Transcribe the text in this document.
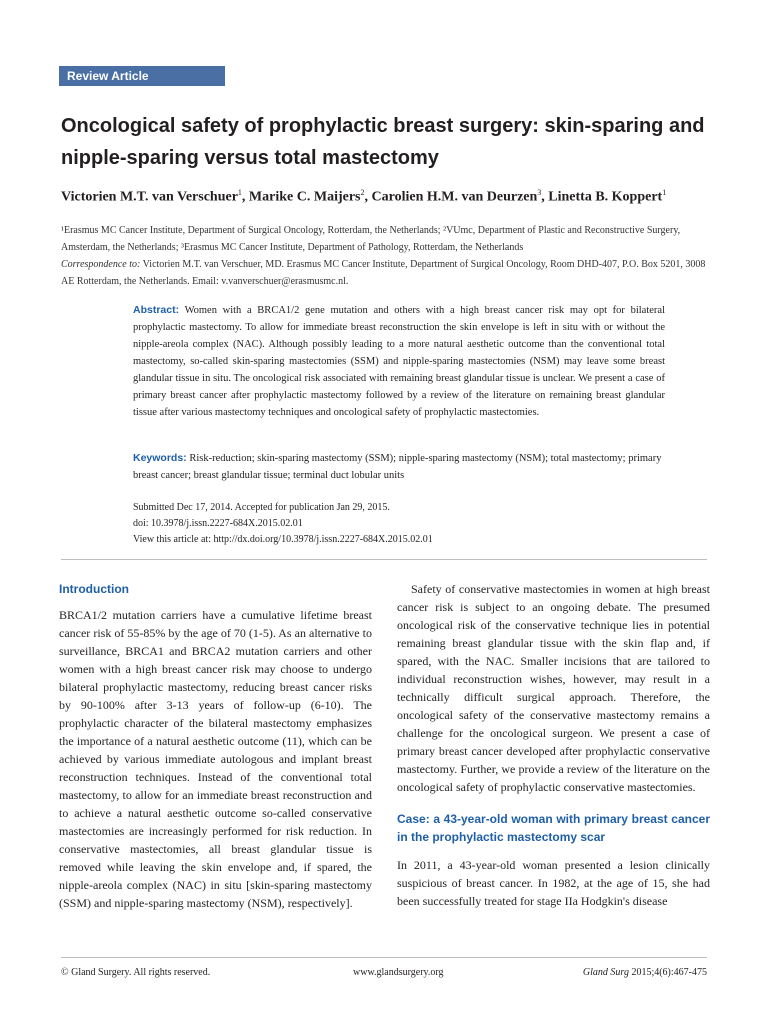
Review Article
Oncological safety of prophylactic breast surgery: skin-sparing and nipple-sparing versus total mastectomy
Victorien M.T. van Verschuer$^1$, Marike C. Maijers$^2$, Carolien H.M. van Deurzen$^3$, Linetta B. Koppert$^1$
¹Erasmus MC Cancer Institute, Department of Surgical Oncology, Rotterdam, the Netherlands; ²VUmc, Department of Plastic and Reconstructive Surgery, Amsterdam, the Netherlands; ³Erasmus MC Cancer Institute, Department of Pathology, Rotterdam, the Netherlands
Correspondence to: Victorien M.T. van Verschuer, MD. Erasmus MC Cancer Institute, Department of Surgical Oncology, Room DHD-407, P.O. Box 5201, 3008 AE Rotterdam, the Netherlands. Email: v.vanverschuer@erasmusmc.nl.
Abstract: Women with a BRCA1/2 gene mutation and others with a high breast cancer risk may opt for bilateral prophylactic mastectomy. To allow for immediate breast reconstruction the skin envelope is left in situ with or without the nipple-areola complex (NAC). Although possibly leading to a more natural aesthetic outcome than the conventional total mastectomy, so-called skin-sparing mastectomies (SSM) and nipple-sparing mastectomies (NSM) may leave some breast glandular tissue in situ. The oncological risk associated with remaining breast glandular tissue is unclear. We present a case of primary breast cancer after prophylactic mastectomy followed by a review of the literature on remaining breast glandular tissue after various mastectomy techniques and oncological safety of prophylactic mastectomies.
Keywords: Risk-reduction; skin-sparing mastectomy (SSM); nipple-sparing mastectomy (NSM); total mastectomy; primary breast cancer; breast glandular tissue; terminal duct lobular units
Submitted Dec 17, 2014. Accepted for publication Jan 29, 2015.
doi: 10.3978/j.issn.2227-684X.2015.02.01
View this article at: http://dx.doi.org/10.3978/j.issn.2227-684X.2015.02.01
Introduction

BRCA1/2 mutation carriers have a cumulative lifetime breast cancer risk of 55-85% by the age of 70 (1-5). As an alternative to surveillance, BRCA1 and BRCA2 mutation carriers and other women with a high breast cancer risk may choose to undergo bilateral prophylactic mastectomy, reducing breast cancer risks by 90-100% after 3-13 years of follow-up (6-10). The prophylactic character of the bilateral mastectomy emphasizes the importance of a natural aesthetic outcome (11), which can be achieved by various immediate autologous and implant breast reconstruction techniques. Instead of the conventional total mastectomy, to allow for an immediate breast reconstruction and to achieve a natural aesthetic outcome so-called conservative mastectomies are increasingly performed for risk reduction. In conservative mastectomies, all breast glandular tissue is removed while leaving the skin envelope and, if spared, the nipple-areola complex (NAC) in situ [skin-sparing mastectomy (SSM) and nipple-sparing mastectomy (NSM), respectively].

Safety of conservative mastectomies in women at high breast cancer risk is subject to an ongoing debate. The presumed oncological risk of the conservative technique lies in potential remaining breast glandular tissue with the skin flap and, if spared, with the NAC. Smaller incisions that are tailored to individual reconstruction wishes, however, may result in a technically difficult surgical approach. Therefore, the oncological safety of the conservative mastectomy remains a challenge for the oncological surgeon. We present a case of primary breast cancer developed after prophylactic conservative mastectomy. Further, we provide a review of the literature on the oncological safety of prophylactic conservative mastectomies.

Case: a 43-year-old woman with primary breast cancer in the prophylactic mastectomy scar

In 2011, a 43-year-old woman presented a lesion clinically suspicious of breast cancer. In 1982, at the age of 15, she had been successfully treated for stage IIa Hodgkin's disease

© Gland Surgery. All rights reserved.	www.glandsurgery.org	Gland Surg 2015;4(6):467-475
